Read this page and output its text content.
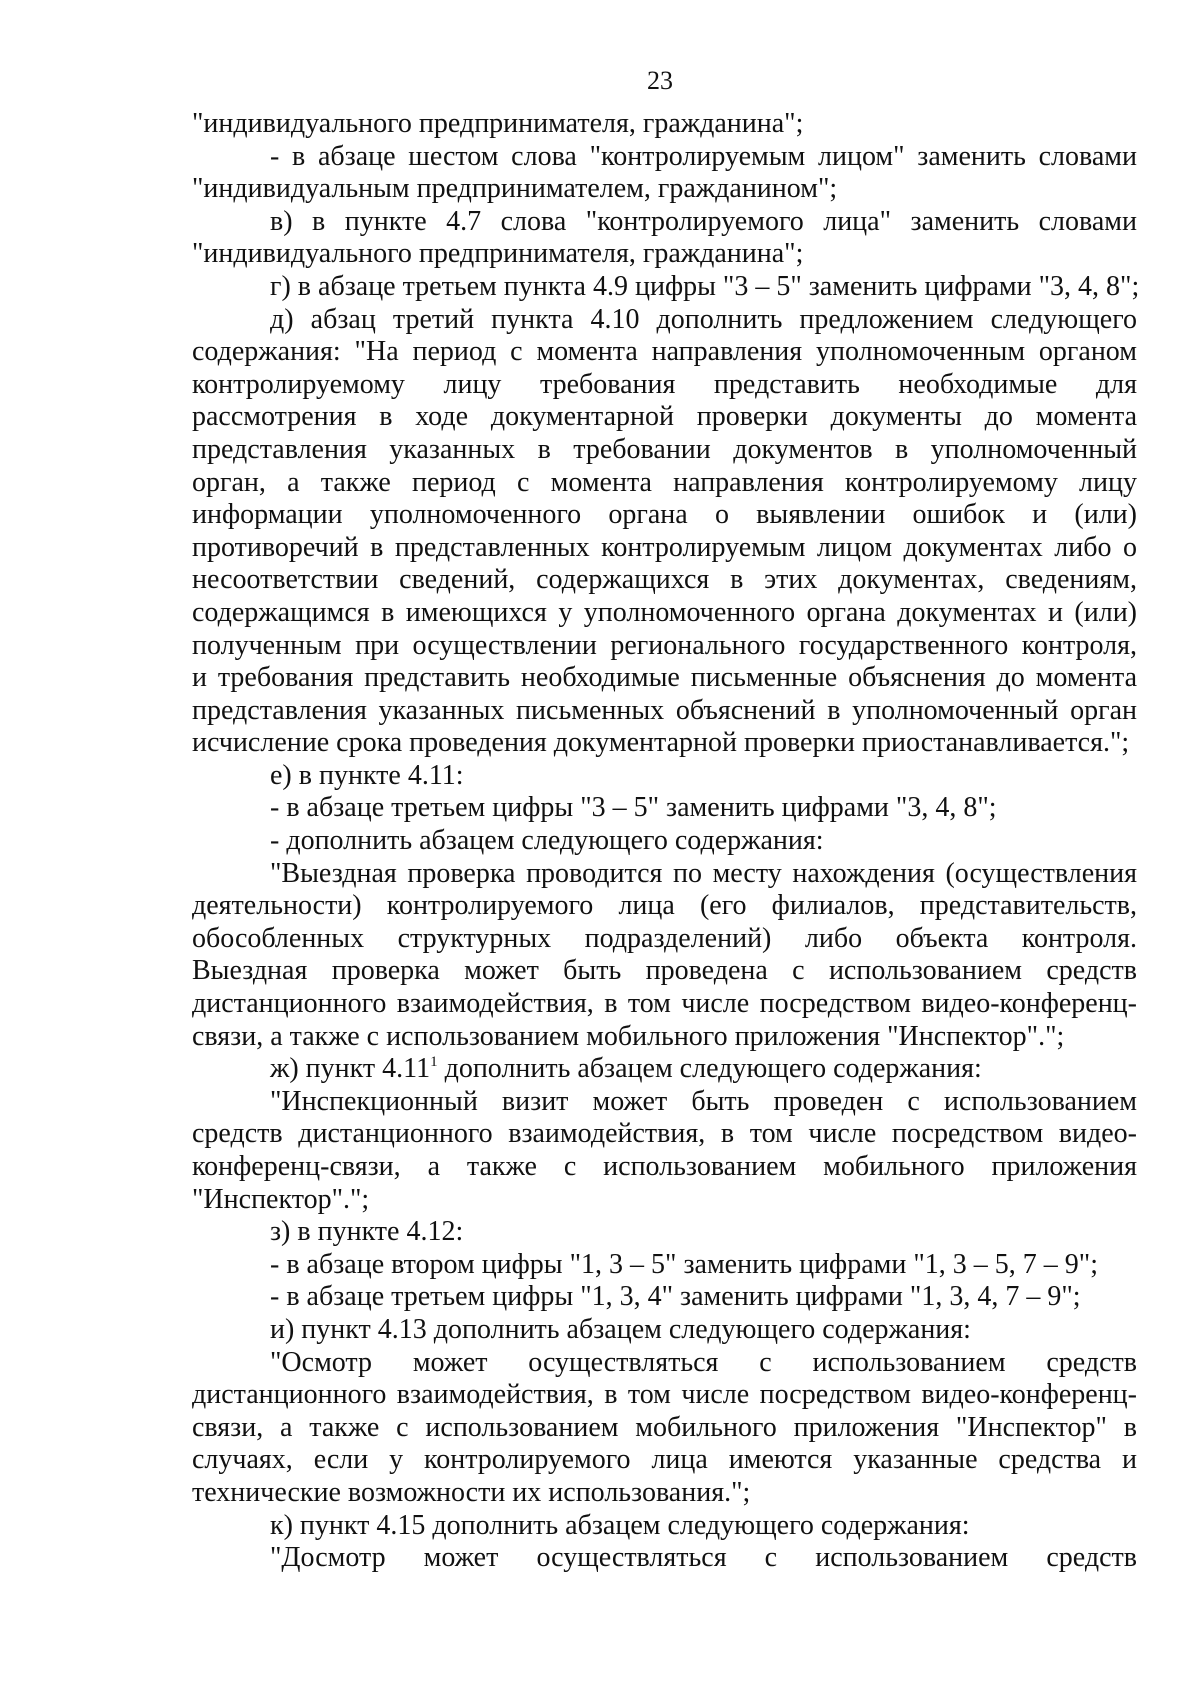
23
"индивидуального предпринимателя, гражданина";
- в абзаце шестом слова "контролируемым лицом" заменить словами
"индивидуальным предпринимателем, гражданином";
в) в пункте 4.7 слова "контролируемого лица" заменить словами
"индивидуального предпринимателя, гражданина";
г) в абзаце третьем пункта 4.9 цифры "3 – 5" заменить цифрами "3, 4, 8";
д) абзац третий пункта 4.10 дополнить предложением следующего
содержания: "На период с момента направления уполномоченным органом
контролируемому лицу требования представить необходимые для
рассмотрения в ходе документарной проверки документы до момента
представления указанных в требовании документов в уполномоченный
орган, а также период с момента направления контролируемому лицу
информации уполномоченного органа о выявлении ошибок и (или)
противоречий в представленных контролируемым лицом документах либо о
несоответствии сведений, содержащихся в этих документах, сведениям,
содержащимся в имеющихся у уполномоченного органа документах и (или)
полученным при осуществлении регионального государственного контроля,
и требования представить необходимые письменные объяснения до момента
представления указанных письменных объяснений в уполномоченный орган
исчисление срока проведения документарной проверки приостанавливается.";
е) в пункте 4.11:
- в абзаце третьем цифры "3 – 5" заменить цифрами "3, 4, 8";
- дополнить абзацем следующего содержания:
"Выездная проверка проводится по месту нахождения (осуществления
деятельности) контролируемого лица (его филиалов, представительств,
обособленных структурных подразделений) либо объекта контроля.
Выездная проверка может быть проведена с использованием средств
дистанционного взаимодействия, в том числе посредством видео-конференц-
связи, а также с использованием мобильного приложения "Инспектор".";
ж) пункт 4.11$^1$ дополнить абзацем следующего содержания:
"Инспекционный визит может быть проведен с использованием
средств дистанционного взаимодействия, в том числе посредством видео-
конференц-связи, а также с использованием мобильного приложения
"Инспектор".";
з) в пункте 4.12:
- в абзаце втором цифры "1, 3 – 5" заменить цифрами "1, 3 – 5, 7 – 9";
- в абзаце третьем цифры "1, 3, 4" заменить цифрами "1, 3, 4, 7 – 9";
и) пункт 4.13 дополнить абзацем следующего содержания:
"Осмотр может осуществляться с использованием средств
дистанционного взаимодействия, в том числе посредством видео-конференц-
связи, а также с использованием мобильного приложения "Инспектор" в
случаях, если у контролируемого лица имеются указанные средства и
технические возможности их использования.";
к) пункт 4.15 дополнить абзацем следующего содержания:
"Досмотр может осуществляться с использованием средств
